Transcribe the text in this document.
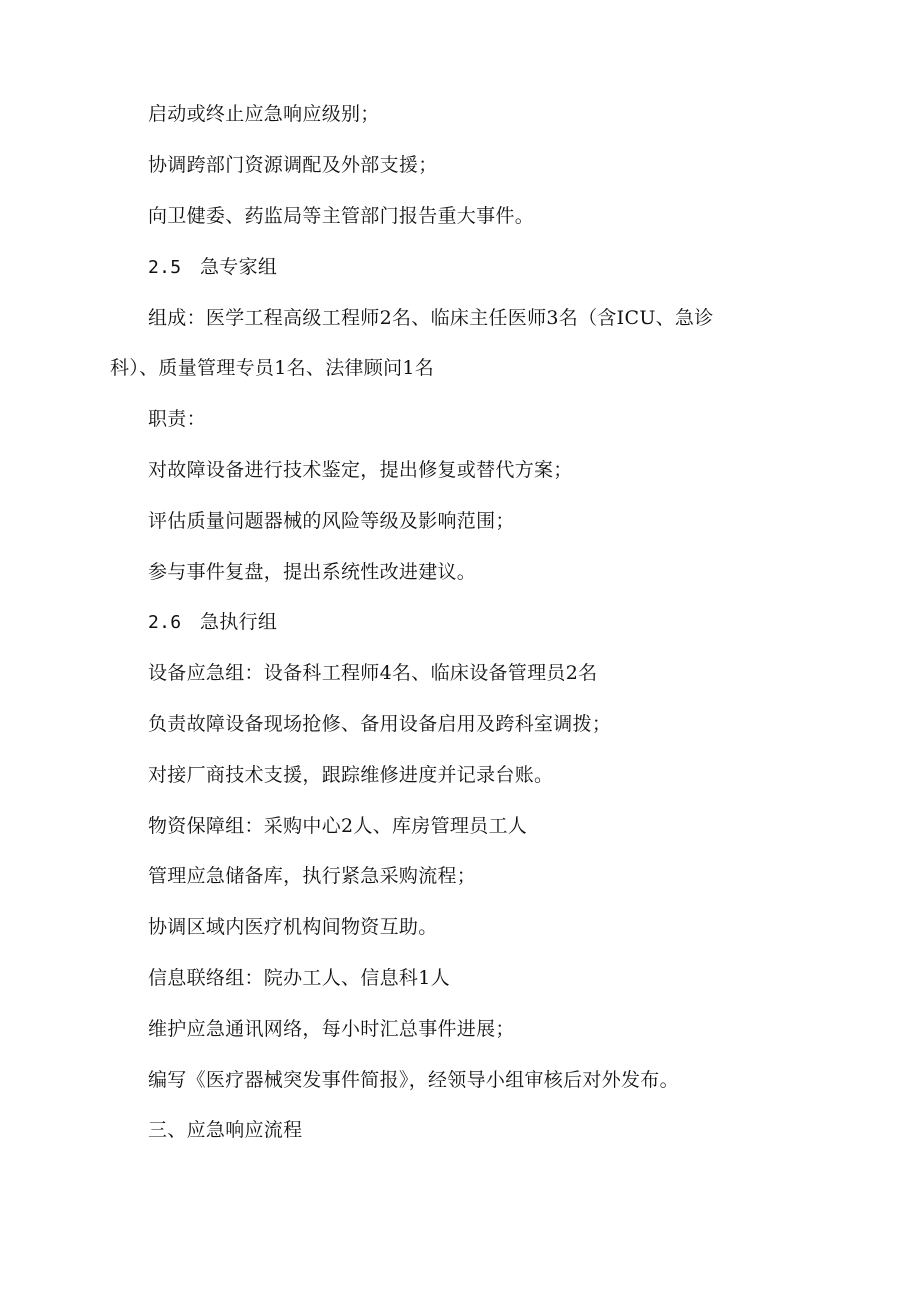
启动或终止应急响应级别；
协调跨部门资源调配及外部支援；
向卫健委、药监局等主管部门报告重大事件。
2.5 急专家组
组成：医学工程高级工程师2名、临床主任医师3名（含ICU、急诊
科）、质量管理专员1名、法律顾问1名
职责：
对故障设备进行技术鉴定，提出修复或替代方案；
评估质量问题器械的风险等级及影响范围；
参与事件复盘，提出系统性改进建议。
2.6 急执行组
设备应急组：设备科工程师4名、临床设备管理员2名
负责故障设备现场抢修、备用设备启用及跨科室调拨；
对接厂商技术支援，跟踪维修进度并记录台账。
物资保障组：采购中心2人、库房管理员工人
管理应急储备库，执行紧急采购流程；
协调区域内医疗机构间物资互助。
信息联络组：院办工人、信息科1人
维护应急通讯网络，每小时汇总事件进展；
编写《医疗器械突发事件简报》，经领导小组审核后对外发布。
三、应急响应流程
